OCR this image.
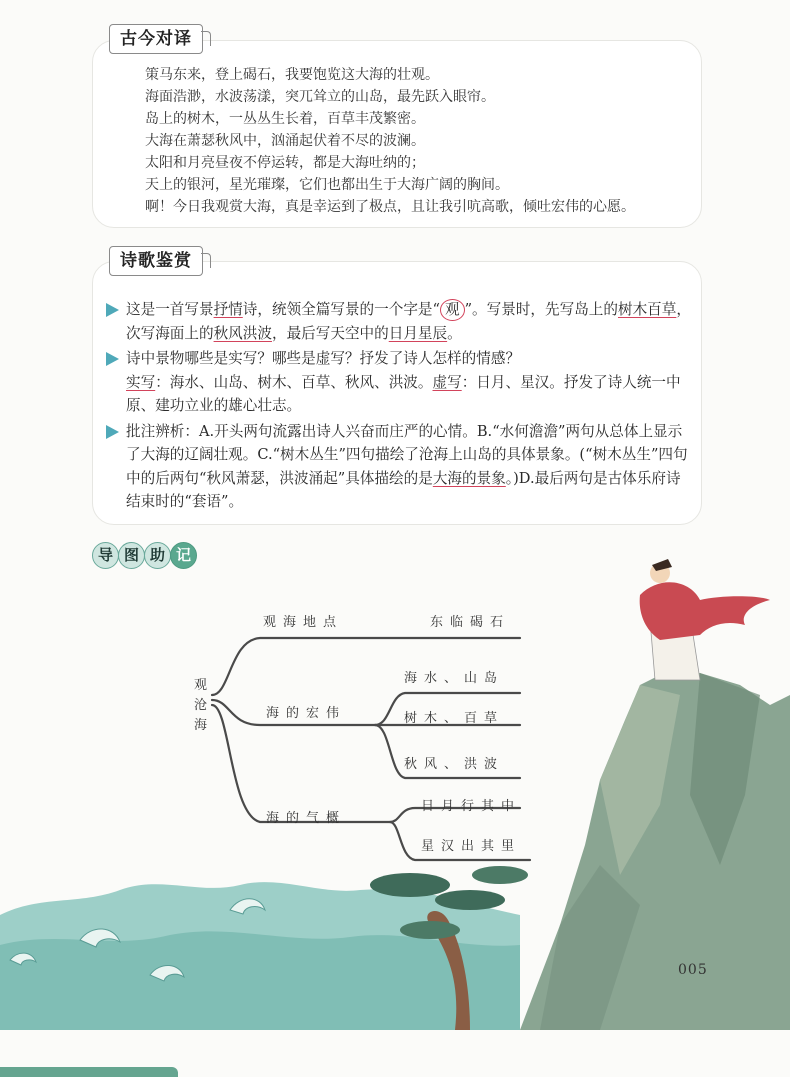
古今对译
策马东来，登上碣石，我要饱览这大海的壮观。
海面浩渺，水波荡漾，突兀耸立的山岛，最先跃入眼帘。
岛上的树木，一丛丛生长着，百草丰茂繁密。
大海在萧瑟秋风中，汹涌起伏着不尽的波澜。
太阳和月亮昼夜不停运转，都是大海吐纳的；
天上的银河，星光璀璨，它们也都出生于大海广阔的胸间。
啊！今日我观赏大海，真是幸运到了极点，且让我引吭高歌，倾吐宏伟的心愿。
诗歌鉴赏
这是一首写景抒情诗，统领全篇写景的一个字是“ 观 ”。写景时，先写岛上的树木百草，次写海面上的秋风洪波，最后写天空中的日月星辰。
诗中景物哪些是实写？哪些是虚写？抒发了诗人怎样的情感？
实写：海水、山岛、树木、百草、秋风、洪波。虚写：日月、星汉。抒发了诗人统一中原、建功立业的雄心壮志。
批注辨析：A.开头两句流露出诗人兴奋而庄严的心情。B.“水何澹澹”两句从总体上显示了大海的辽阔壮观。C.“树木丛生”四句描绘了沧海上山岛的具体景象。(“树木丛生”四句中的后两句“秋风萧瑟，洪波涌起”具体描绘的是大海的景象。)D.最后两句是古体乐府诗结束时的“套语”。
导 图 助 记
观
沧
海
观海地点	东临碣石
海的宏伟
海水、山岛
树木、百草
秋风、洪波
海的气概
日月行其中
星汉出其里
005
